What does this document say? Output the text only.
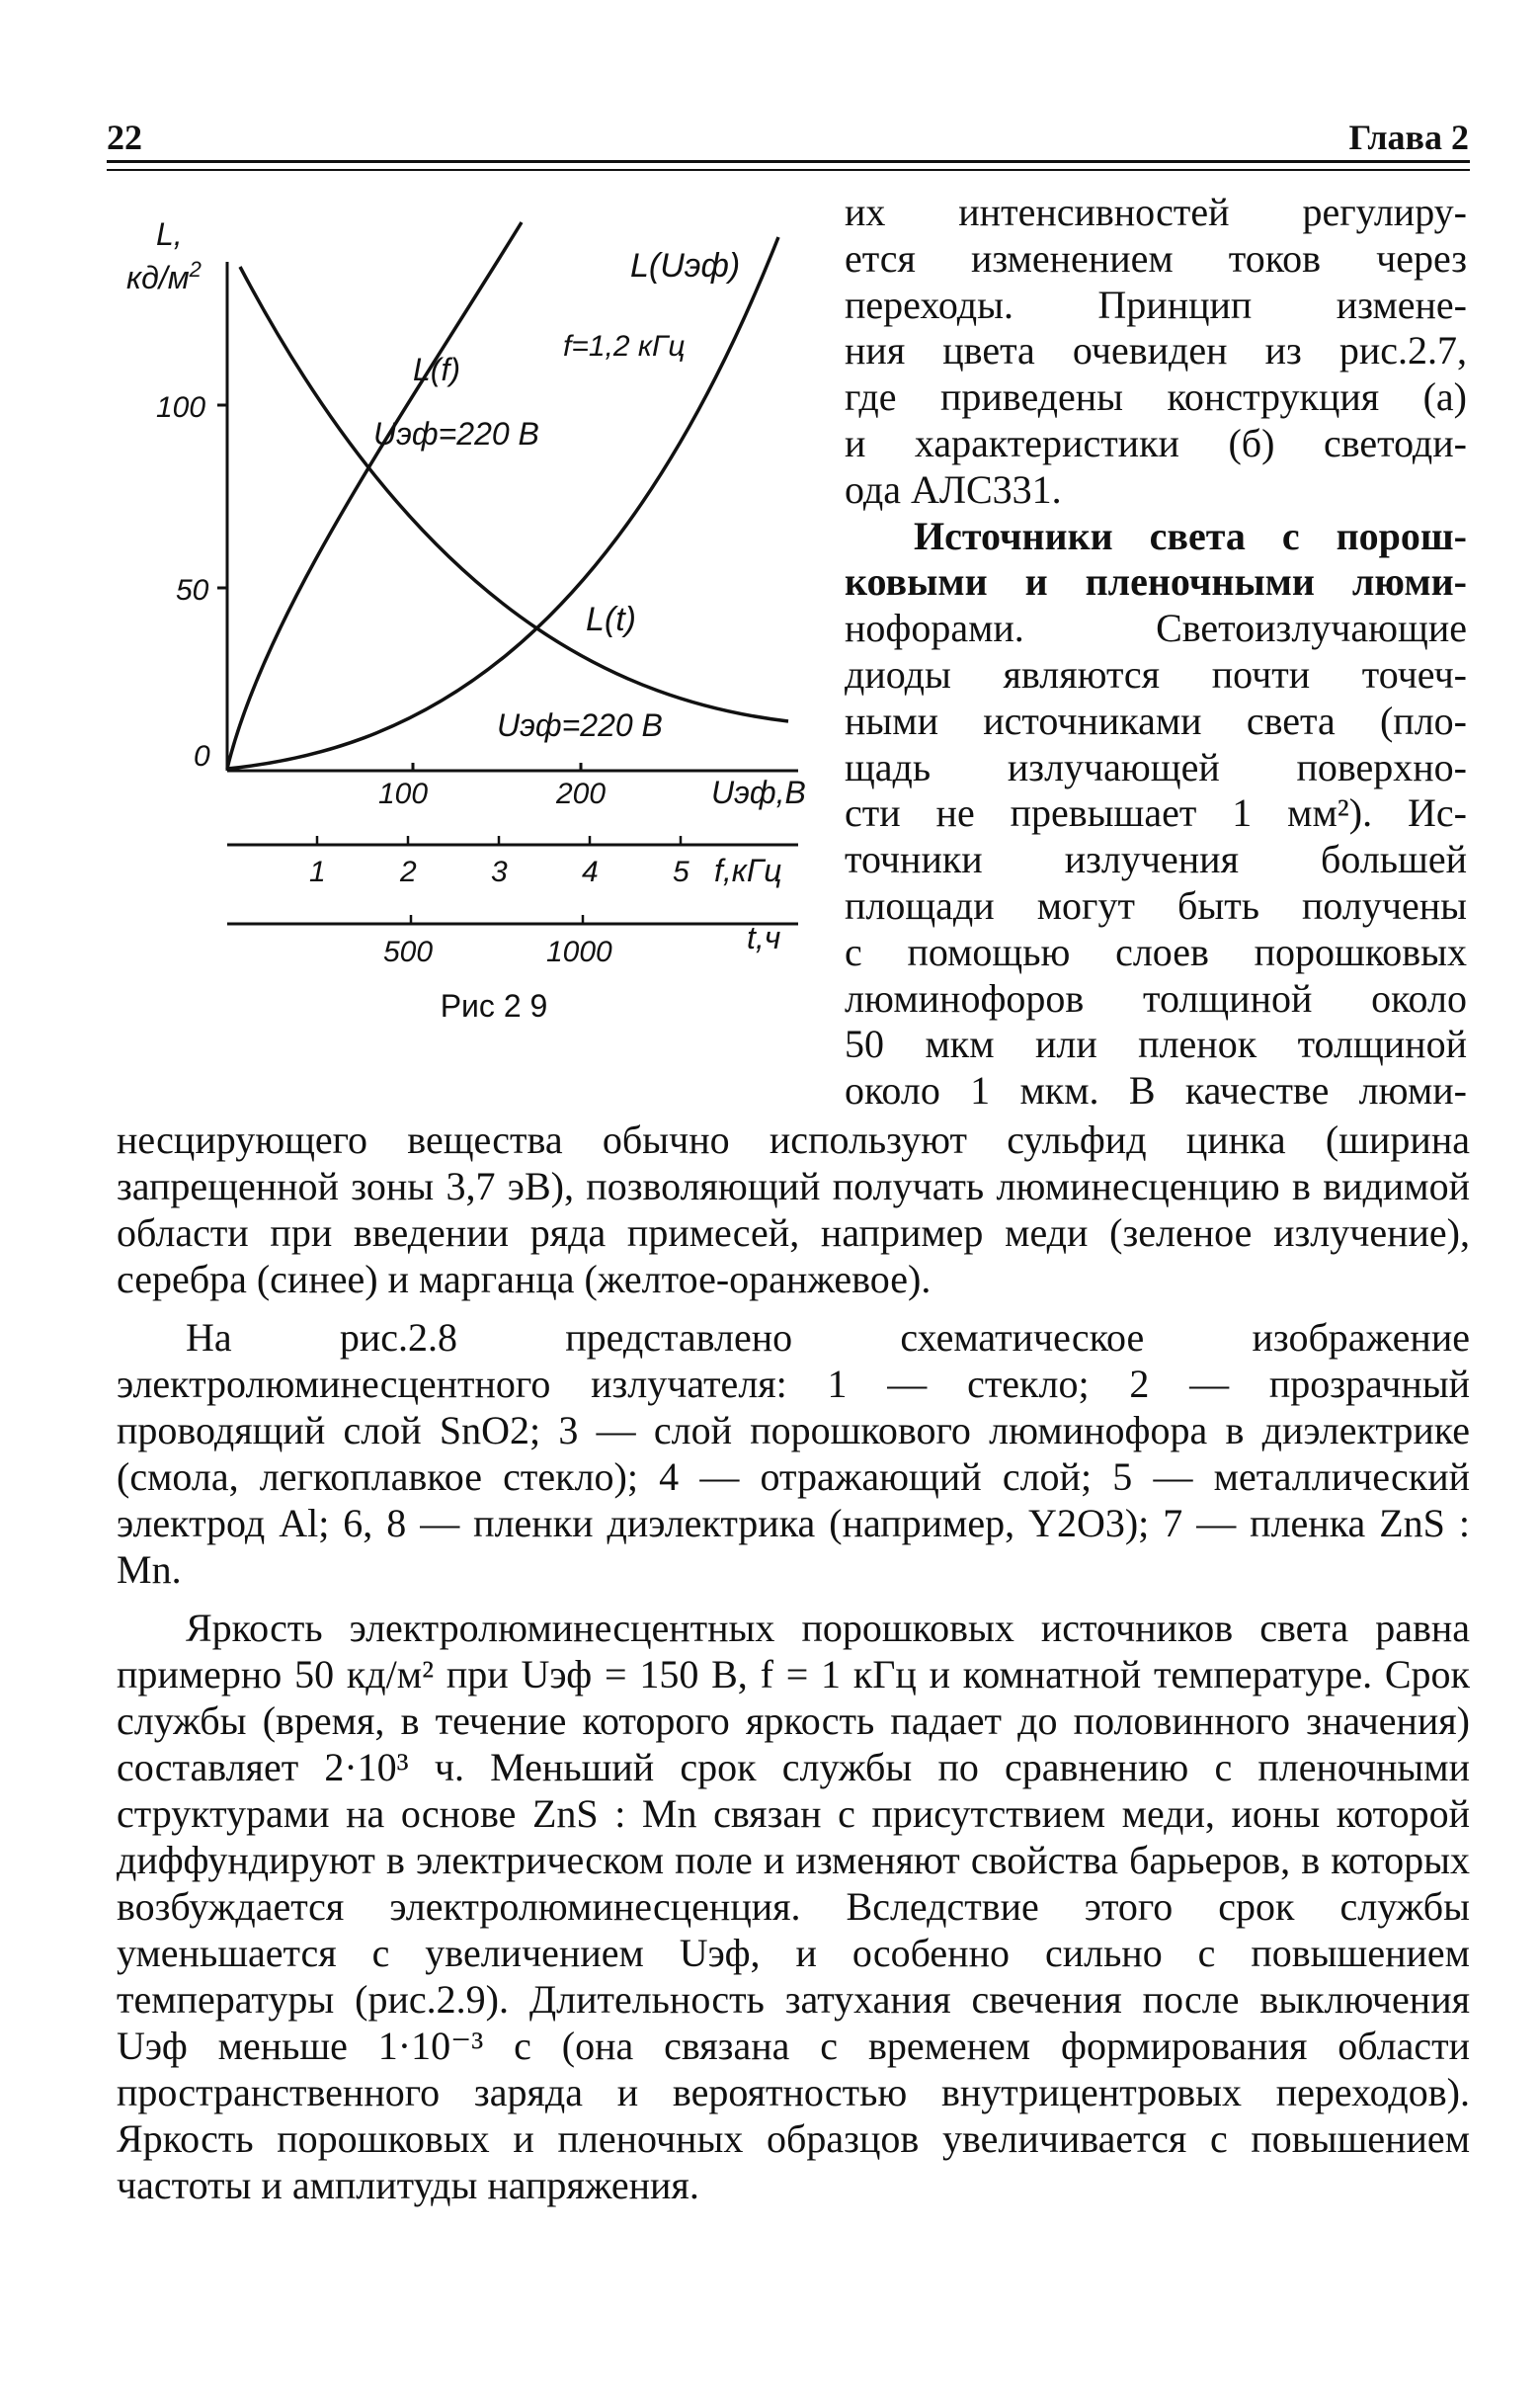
22	Глава 2
L,
$кд/м^2$
100
50
0
L(Uэф)
f=1,2 кГц
L(f)
Uэф=220 В
L(t)
Uэф=220 В
100	200	Uэф,В
1	2	3	4	5 f,кГц
500	1000	t,ч
Рис 2 9
их интенсивностей регулиру-
ется изменением токов через
переходы. Принцип измене-
ния цвета очевиден из рис.2.7,
где приведены конструкция (а)
и характеристики (б) светоди-
ода АЛС331.
Источники света с порош-
ковыми и пленочными люми-
нофорами. Светоизлучающие
диоды являются почти точеч-
ными источниками света (пло-
щадь излучающей поверхно-
сти не превышает 1 мм²). Ис-
точники излучения большей
площади могут быть получены
с помощью слоев порошковых
люминофоров толщиной около
50 мкм или пленок толщиной
около 1 мкм. В качестве люми-

несцирующего вещества обычно используют сульфид цинка (ширина запрещенной зоны 3,7 эВ), позволяющий получать люминесценцию в видимой области при введении ряда примесей, например меди (зеленое излучение), серебра (синее) и марганца (желтое-оранжевое).

На рис.2.8 представлено схематическое изображение электролюминесцентного излучателя: 1 — стекло; 2 — прозрачный проводящий слой SnO2; 3 — слой порошкового люминофора в диэлектрике (смола, легкоплавкое стекло); 4 — отражающий слой; 5 — металлический электрод Al; 6, 8 — пленки диэлектрика (например, Y2O3); 7 — пленка ZnS : Mn.

Яркость электролюминесцентных порошковых источников света равна примерно 50 кд/м² при Uэф = 150 В, f = 1 кГц и комнатной температуре. Срок службы (время, в течение которого яркость падает до половинного значения) составляет 2·10³ ч. Меньший срок службы по сравнению с пленочными структурами на основе ZnS : Mn связан с присутствием меди, ионы которой диффундируют в электрическом поле и изменяют свойства барьеров, в которых возбуждается электролюминесценция. Вследствие этого срок службы уменьшается с увеличением Uэф, и особенно сильно с повышением температуры (рис.2.9). Длительность затухания свечения после выключения Uэф меньше 1·10⁻³ с (она связана с временем формирования области пространственного заряда и вероятностью внутрицентровых переходов). Яркость порошковых и пленочных образцов увеличивается с повышением частоты и амплитуды напряжения.
